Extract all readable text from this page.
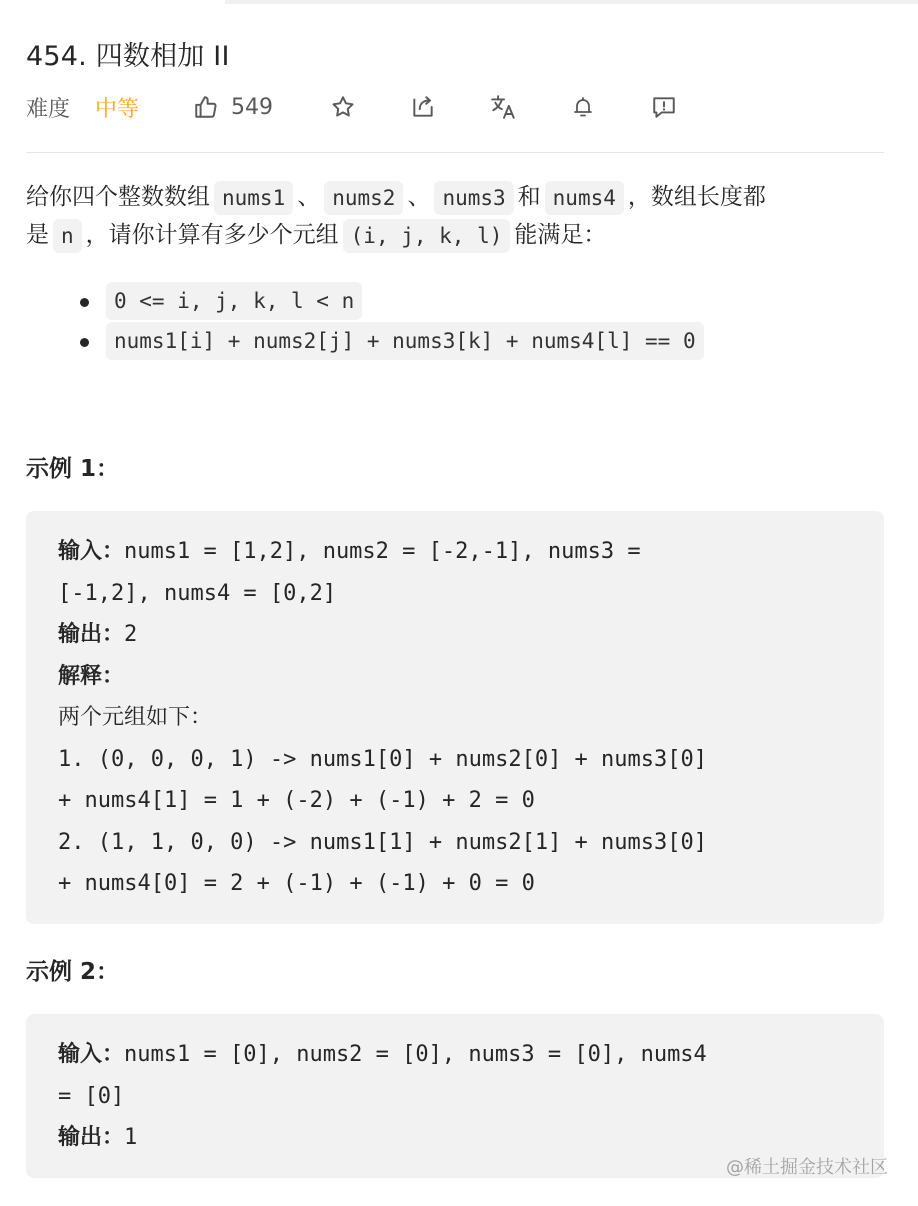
454. 四数相加 II
难度 中等	549
给你四个整数数组 nums1 、 nums2 、 nums3 和 nums4 ，数组长度都
是 n ，请你计算有多少个元组 (i, j, k, l) 能满足：
0 <= i, j, k, l < n
nums1[i] + nums2[j] + nums3[k] + nums4[l] == 0
示例 1：
输入：nums1 = [1,2], nums2 = [-2,-1], nums3 =
[-1,2], nums4 = [0,2]
输出：2
解释：
两个元组如下：
1. (0, 0, 0, 1) -> nums1[0] + nums2[0] + nums3[0]
+ nums4[1] = 1 + (-2) + (-1) + 2 = 0
2. (1, 1, 0, 0) -> nums1[1] + nums2[1] + nums3[0]
+ nums4[0] = 2 + (-1) + (-1) + 0 = 0
示例 2：
输入：nums1 = [0], nums2 = [0], nums3 = [0], nums4
= [0]
输出：1
@稀土掘金技术社区
